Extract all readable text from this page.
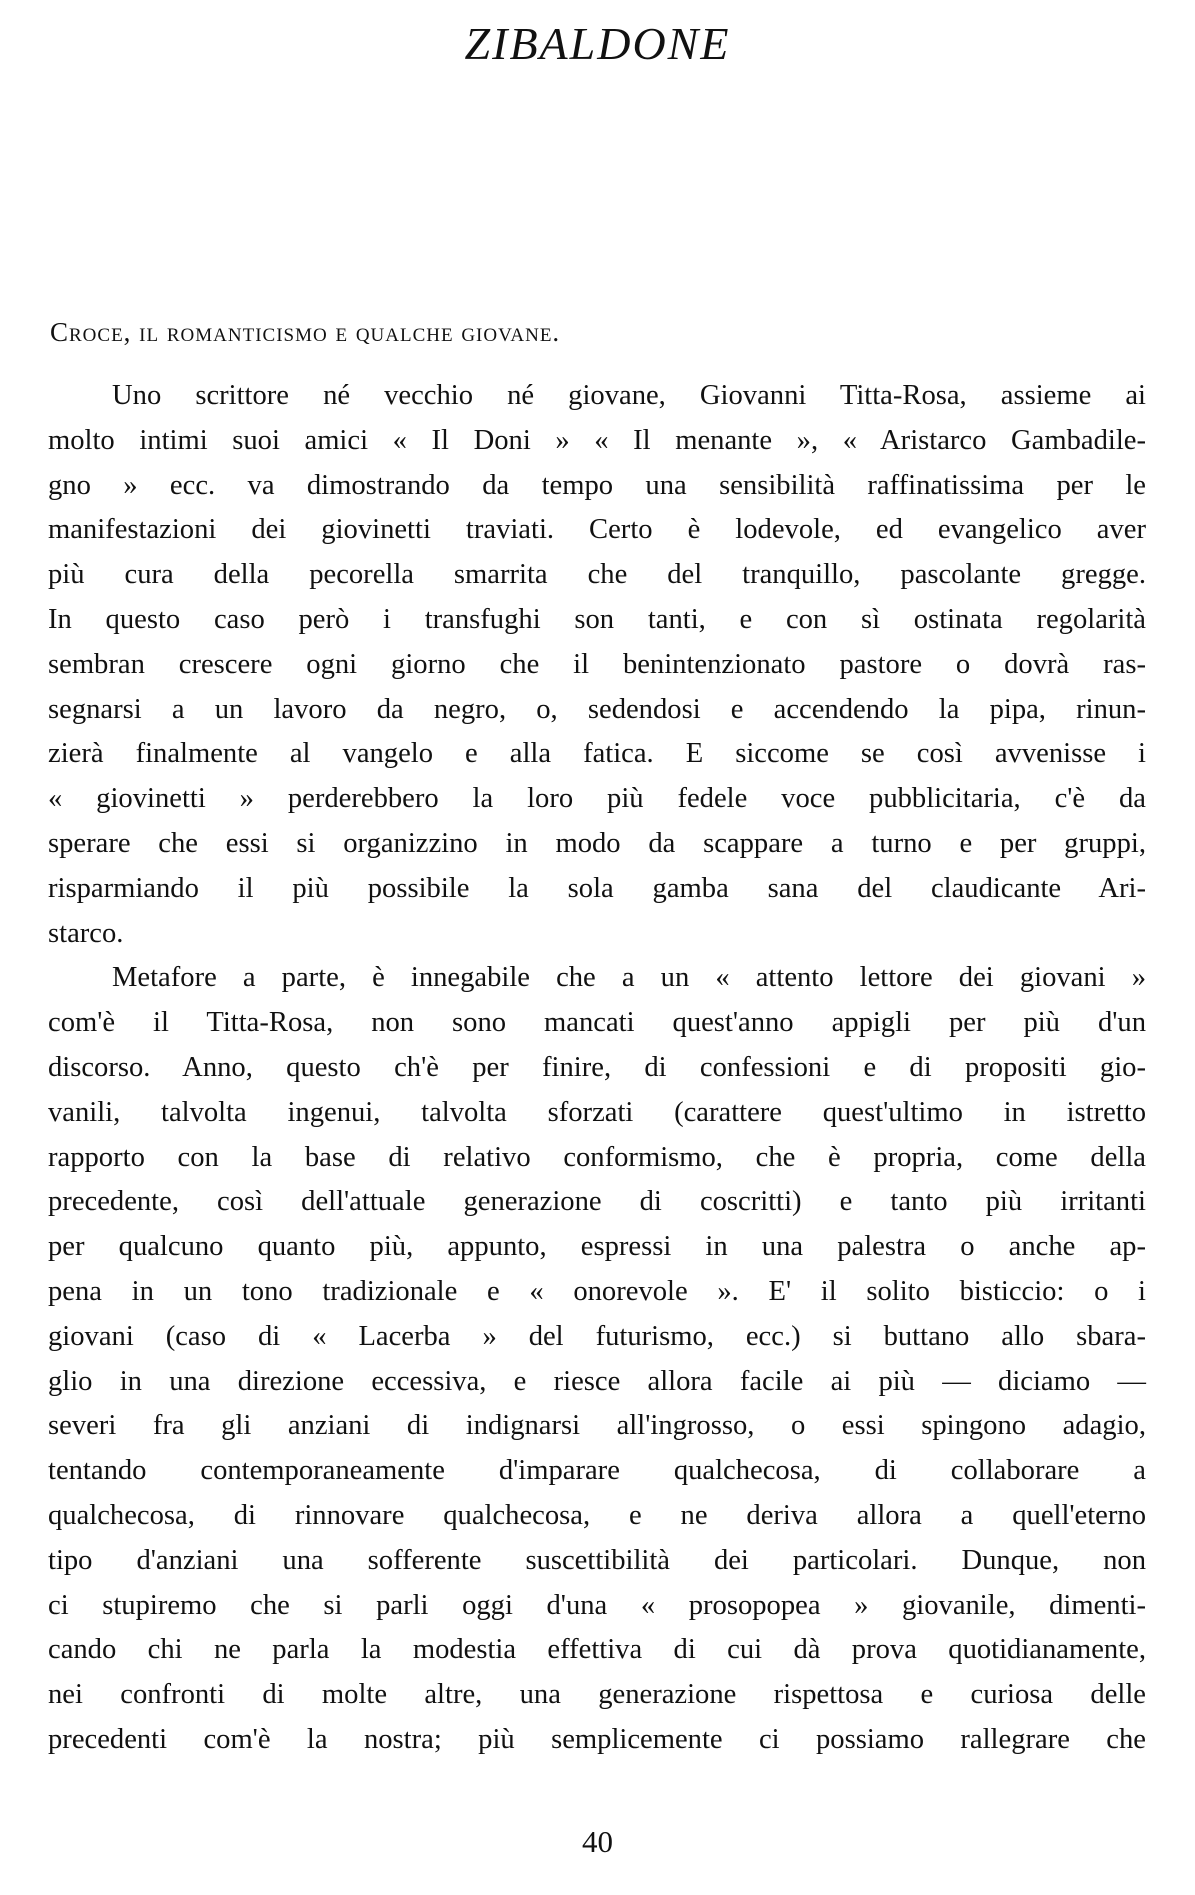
ZIBALDONE
Croce, il romanticismo e qualche giovane.
Uno scrittore né vecchio né giovane, Giovanni Titta-Rosa, assieme ai
molto intimi suoi amici « Il Doni » « Il menante », « Aristarco Gambadile-
gno » ecc. va dimostrando da tempo una sensibilità raffinatissima per le
manifestazioni dei giovinetti traviati. Certo è lodevole, ed evangelico aver
più cura della pecorella smarrita che del tranquillo, pascolante gregge.
In questo caso però i transfughi son tanti, e con sì ostinata regolarità
sembran crescere ogni giorno che il benintenzionato pastore o dovrà ras-
segnarsi a un lavoro da negro, o, sedendosi e accendendo la pipa, rinun-
zierà finalmente al vangelo e alla fatica. E siccome se così avvenisse i
« giovinetti » perderebbero la loro più fedele voce pubblicitaria, c'è da
sperare che essi si organizzino in modo da scappare a turno e per gruppi,
risparmiando il più possibile la sola gamba sana del claudicante Ari-
starco.
Metafore a parte, è innegabile che a un « attento lettore dei giovani »
com'è il Titta-Rosa, non sono mancati quest'anno appigli per più d'un
discorso. Anno, questo ch'è per finire, di confessioni e di propositi gio-
vanili, talvolta ingenui, talvolta sforzati (carattere quest'ultimo in istretto
rapporto con la base di relativo conformismo, che è propria, come della
precedente, così dell'attuale generazione di coscritti) e tanto più irritanti
per qualcuno quanto più, appunto, espressi in una palestra o anche ap-
pena in un tono tradizionale e « onorevole ». E' il solito bisticcio: o i
giovani (caso di « Lacerba » del futurismo, ecc.) si buttano allo sbara-
glio in una direzione eccessiva, e riesce allora facile ai più — diciamo —
severi fra gli anziani di indignarsi all'ingrosso, o essi spingono adagio,
tentando contemporaneamente d'imparare qualchecosa, di collaborare a
qualchecosa, di rinnovare qualchecosa, e ne deriva allora a quell'eterno
tipo d'anziani una sofferente suscettibilità dei particolari. Dunque, non
ci stupiremo che si parli oggi d'una « prosopopea » giovanile, dimenti-
cando chi ne parla la modestia effettiva di cui dà prova quotidianamente,
nei confronti di molte altre, una generazione rispettosa e curiosa delle
precedenti com'è la nostra; più semplicemente ci possiamo rallegrare che
40
